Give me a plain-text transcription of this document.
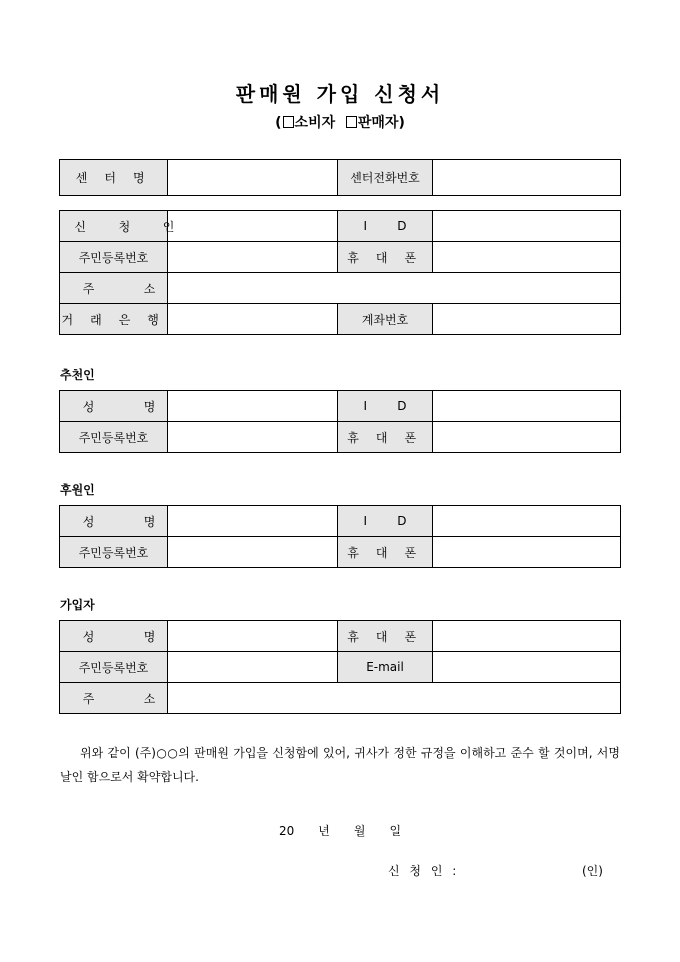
판매원 가입 신청서
( 소비자 판매자)
센 터 명		센터전화번호	
신 청 인		I D	
주민등록번호		휴 대 폰	
주 소			
거 래 은 행		계좌번호	
추천인
성 명		I D	
주민등록번호		휴 대 폰	
후원인
성 명		I D	
주민등록번호		휴 대 폰	
가입자
성 명		휴 대 폰	
주민등록번호		E-mail	
주 소			
위와 같이 (주)○○의 판매원 가입을 신청함에 있어, 귀사가 정한 규정을 이해하고 준수 할 것이며, 서명날인 함으로서 확약합니다.
20 년 월 일
신 청 인 :	(인)
